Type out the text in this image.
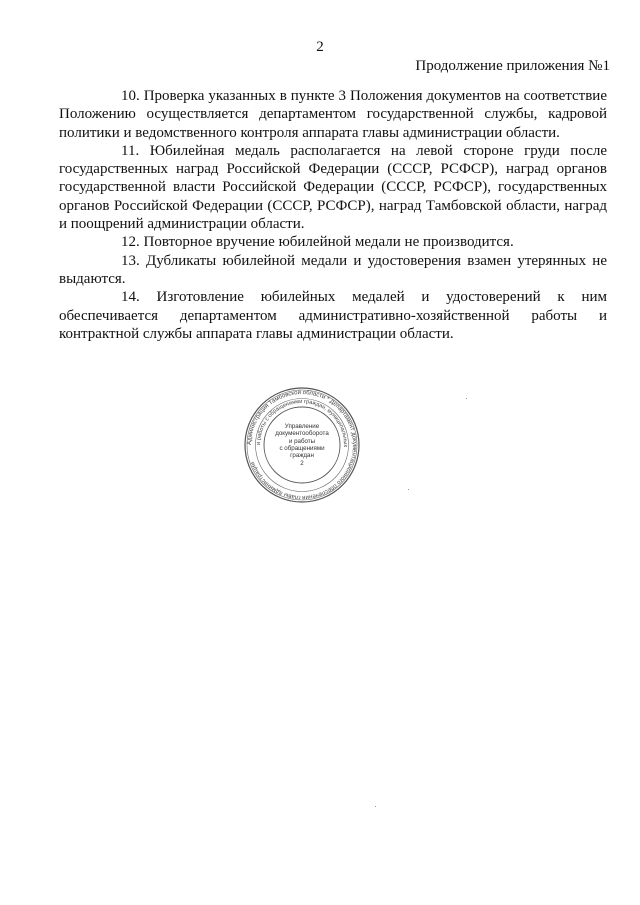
2
Продолжение приложения №1

10. Проверка указанных в пункте 3 Положения документов на соответствие Положению осуществляется департаментом государственной службы, кадровой политики и ведомственного контроля аппарата главы администрации области.

11. Юбилейная медаль располагается на левой стороне груди после государственных наград Российской Федерации (СССР, РСФСР), наград органов государственной власти Российской Федерации (СССР, РСФСР), государственных органов Российской Федерации (СССР, РСФСР), наград Тамбовской области, наград и поощрений администрации области.

12. Повторное вручение юбилейной медали не производится.

13. Дубликаты юбилейной медали и удостоверения взамен утерянных не выдаются.

14. Изготовление юбилейных медалей и удостоверений к ним обеспечивается департаментом административно-хозяйственной работы и контрактной службы аппарата главы администрации области.

Администрация Тамбовской области * Департамент документационного обеспечения главы администрации
и работы с обращениями граждан, муниципальных
Управление
документооборота
и работы
с обращениями
граждан
2
